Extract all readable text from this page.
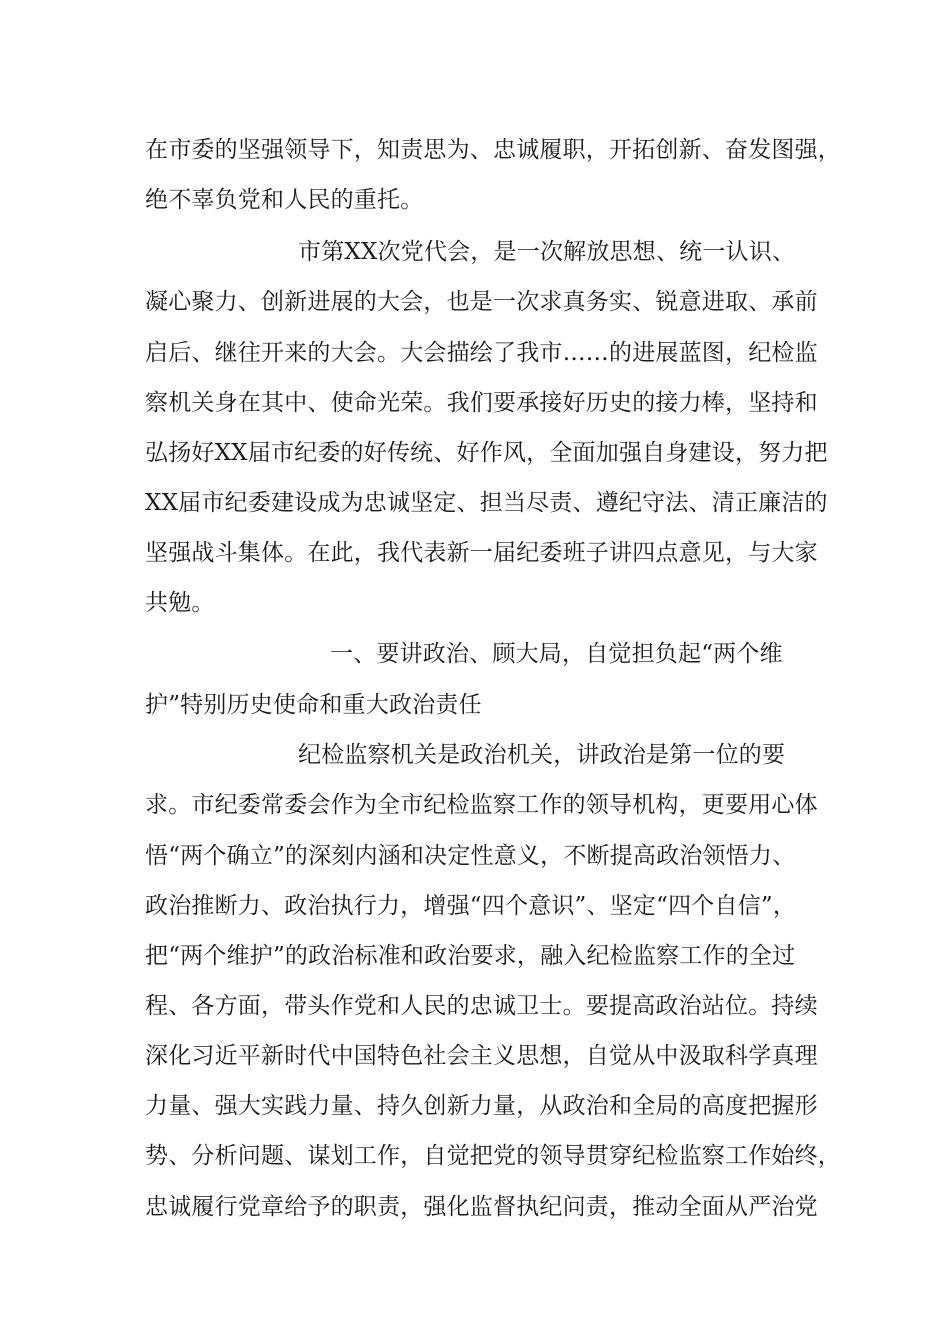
在市委的坚强领导下，知责思为、忠诚履职，开拓创新、奋发图强，
绝不辜负党和人民的重托。
市第XX次党代会，是一次解放思想、统一认识、
凝心聚力、创新进展的大会，也是一次求真务实、锐意进取、承前
启后、继往开来的大会。大会描绘了我市……的进展蓝图，纪检监
察机关身在其中、使命光荣。我们要承接好历史的接力棒，坚持和
弘扬好XX届市纪委的好传统、好作风，全面加强自身建设，努力把
XX届市纪委建设成为忠诚坚定、担当尽责、遵纪守法、清正廉洁的
坚强战斗集体。在此，我代表新一届纪委班子讲四点意见，与大家
共勉。
一、要讲政治、顾大局，自觉担负起“两个维
护”特别历史使命和重大政治责任
纪检监察机关是政治机关，讲政治是第一位的要
求。市纪委常委会作为全市纪检监察工作的领导机构，更要用心体
悟“两个确立”的深刻内涵和决定性意义，不断提高政治领悟力、
政治推断力、政治执行力，增强“四个意识”、坚定“四个自信”，
把“两个维护”的政治标准和政治要求，融入纪检监察工作的全过
程、各方面，带头作党和人民的忠诚卫士。要提高政治站位。持续
深化习近平新时代中国特色社会主义思想，自觉从中汲取科学真理
力量、强大实践力量、持久创新力量，从政治和全局的高度把握形
势、分析问题、谋划工作，自觉把党的领导贯穿纪检监察工作始终，
忠诚履行党章给予的职责，强化监督执纪问责，推动全面从严治党
